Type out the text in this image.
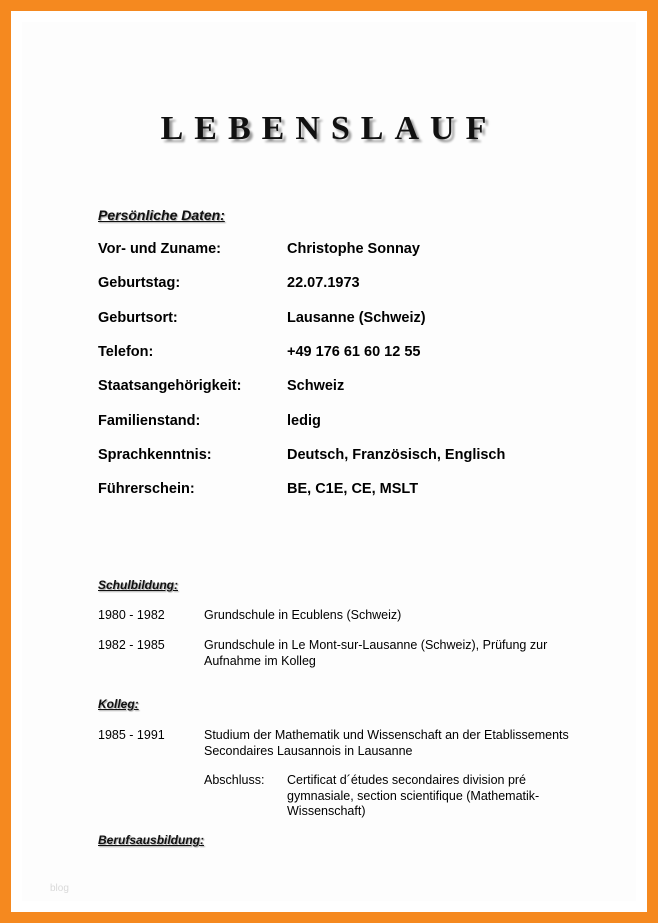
LEBENSLAUF
Persönliche Daten:
Vor- und Zuname:	Christophe Sonnay
Geburtstag:	22.07.1973
Geburtsort:	Lausanne (Schweiz)
Telefon:	+49 176 61 60 12 55
Staatsangehörigkeit:	Schweiz
Familienstand:	ledig
Sprachkenntnis:	Deutsch, Französisch, Englisch
Führerschein:	BE, C1E, CE, MSLT
Schulbildung:
1980 - 1982	Grundschule in Ecublens (Schweiz)
1982 - 1985	Grundschule in Le Mont-sur-Lausanne (Schweiz), Prüfung zur Aufnahme im Kolleg
Kolleg:
1985 - 1991	Studium der Mathematik und Wissenschaft an der Etablissements Secondaires Lausannois in Lausanne
Abschluss: Certificat d´études secondaires division pré gymnasiale, section scientifique (Mathematik-Wissenschaft)
Berufsausbildung:
blog
